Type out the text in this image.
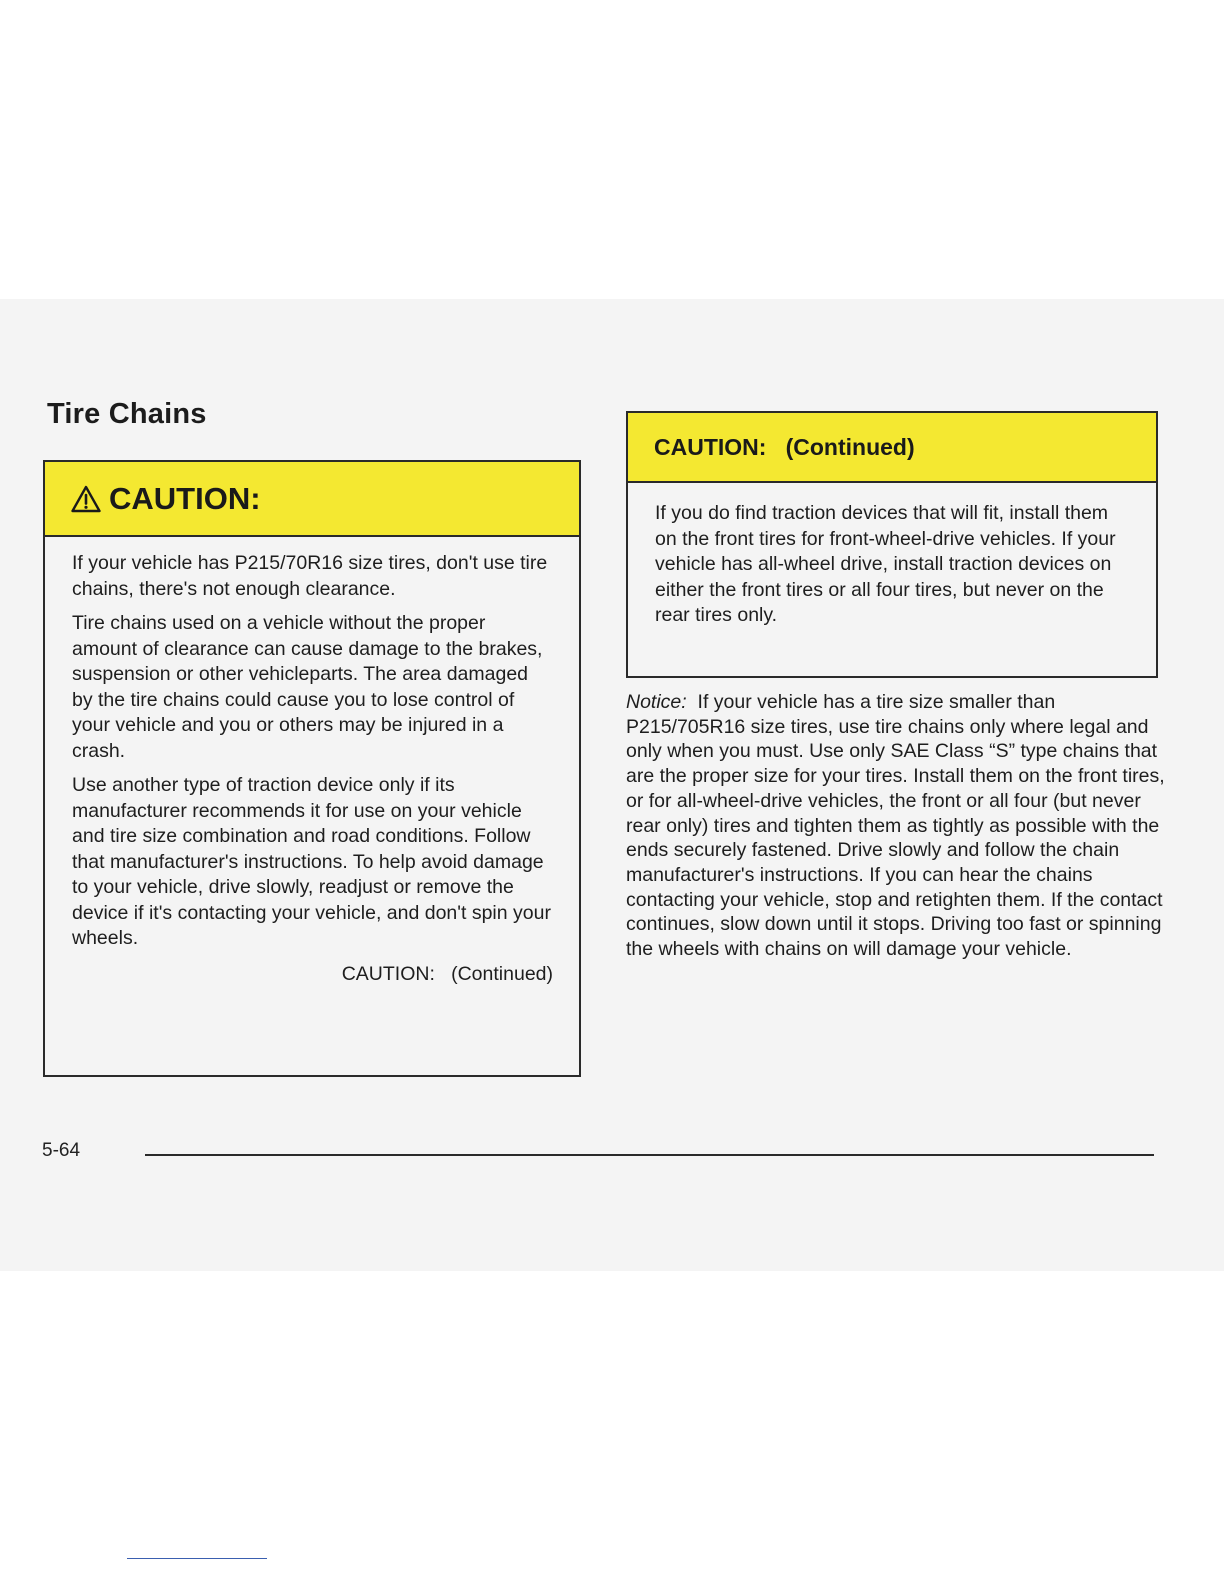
Tire Chains
CAUTION:

If your vehicle has P215/70R16 size tires, don't use tire chains, there's not enough clearance.

Tire chains used on a vehicle without the proper amount of clearance can cause damage to the brakes, suspension or other vehicleparts. The area damaged by the tire chains could cause you to lose control of your vehicle and you or others may be injured in a crash.

Use another type of traction device only if its manufacturer recommends it for use on your vehicle and tire size combination and road conditions. Follow that manufacturer's instructions. To help avoid damage to your vehicle, drive slowly, readjust or remove the device if it's contacting your vehicle, and don't spin your wheels.

CAUTION:   (Continued)
CAUTION:   (Continued)

If you do find traction devices that will fit, install them on the front tires for front-wheel-drive vehicles. If your vehicle has all-wheel drive, install traction devices on either the front tires or all four tires, but never on the rear tires only.

Notice: If your vehicle has a tire size smaller than P215/705R16 size tires, use tire chains only where legal and only when you must. Use only SAE Class “S” type chains that are the proper size for your tires. Install them on the front tires, or for all-wheel-drive vehicles, the front or all four (but never rear only) tires and tighten them as tightly as possible with the ends securely fastened. Drive slowly and follow the chain manufacturer's instructions. If you can hear the chains contacting your vehicle, stop and retighten them. If the contact continues, slow down until it stops. Driving too fast or spinning the wheels with chains on will damage your vehicle.

5-64
